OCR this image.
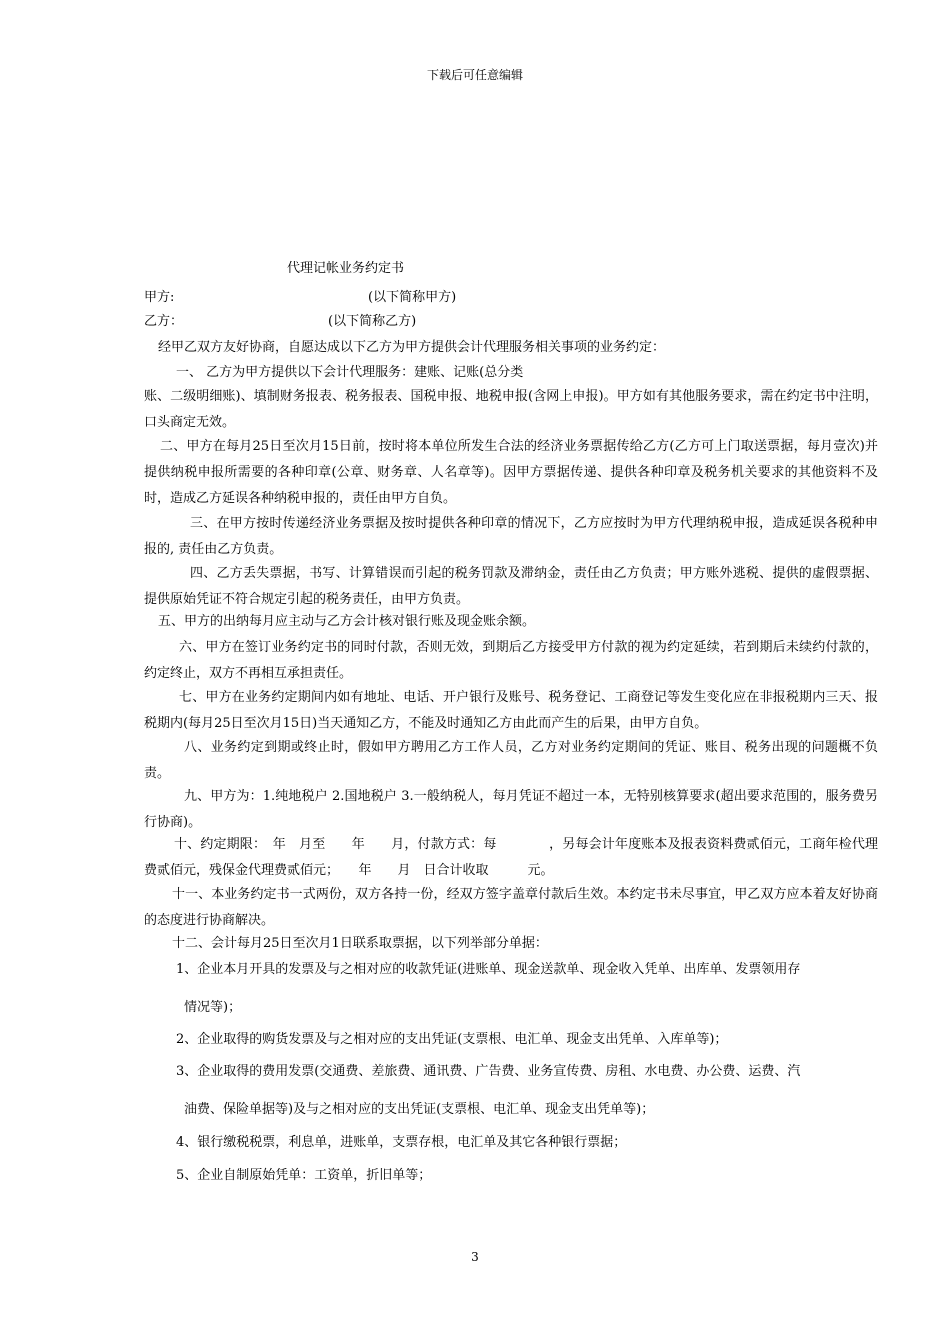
下载后可任意编辑
代理记帐业务约定书
甲方:	(以下简称甲方)
乙方：	(以下简称乙方)
经甲乙双方友好协商，自愿达成以下乙方为甲方提供会计代理服务相关事项的业务约定：
一、 乙方为甲方提供以下会计代理服务：建账、记账(总分类
账、二级明细账)、填制财务报表、税务报表、国税申报、地税申报(含网上申报)。甲方如有其他服务要求，需在约定书中注明，口头商定无效。
二、甲方在每月25日至次月15日前，按时将本单位所发生合法的经济业务票据传给乙方(乙方可上门取送票据，每月壹次)并提供纳税申报所需要的各种印章(公章、财务章、人名章等)。因甲方票据传递、提供各种印章及税务机关要求的其他资料不及时，造成乙方延误各种纳税申报的，责任由甲方自负。
三、在甲方按时传递经济业务票据及按时提供各种印章的情况下，乙方应按时为甲方代理纳税申报，造成延误各税种申报的, 责任由乙方负责。
四、乙方丢失票据，书写、计算错误而引起的税务罚款及滞纳金，责任由乙方负责；甲方账外逃税、提供的虚假票据、提供原始凭证不符合规定引起的税务责任，由甲方负责。
五、甲方的出纳每月应主动与乙方会计核对银行账及现金账余额。
六、甲方在签订业务约定书的同时付款，否则无效，到期后乙方接受甲方付款的视为约定延续，若到期后未续约付款的，约定终止，双方不再相互承担责任。
七、甲方在业务约定期间内如有地址、电话、开户银行及账号、税务登记、工商登记等发生变化应在非报税期内三天、报税期内(每月25日至次月15日)当天通知乙方，不能及时通知乙方由此而产生的后果，由甲方自负。
八、业务约定到期或终止时，假如甲方聘用乙方工作人员，乙方对业务约定期间的凭证、账目、税务出现的问题概不负责。
九、甲方为：1.纯地税户 2.国地税户 3.一般纳税人，每月凭证不超过一本，无特别核算要求(超出要求范围的，服务费另行协商)。
十、约定期限：　年　月至　　年　　月，付款方式：每　　　　，另每会计年度账本及报表资料费贰佰元，工商年检代理费贰佰元，残保金代理费贰佰元；　　年　　月　日合计收取　　　元。
十一、本业务约定书一式两份，双方各持一份，经双方签字盖章付款后生效。本约定书未尽事宜，甲乙双方应本着友好协商的态度进行协商解决。
十二、会计每月25日至次月1日联系取票据，以下列举部分单据：
1、企业本月开具的发票及与之相对应的收款凭证(进账单、现金送款单、现金收入凭单、出库单、发票领用存
情况等)；
2、企业取得的购货发票及与之相对应的支出凭证(支票根、电汇单、现金支出凭单、入库单等)；
3、企业取得的费用发票(交通费、差旅费、通讯费、广告费、业务宣传费、房租、水电费、办公费、运费、汽
油费、保险单据等)及与之相对应的支出凭证(支票根、电汇单、现金支出凭单等)；
4、银行缴税税票，利息单，进账单，支票存根，电汇单及其它各种银行票据；
5、企业自制原始凭单：工资单，折旧单等；
3
